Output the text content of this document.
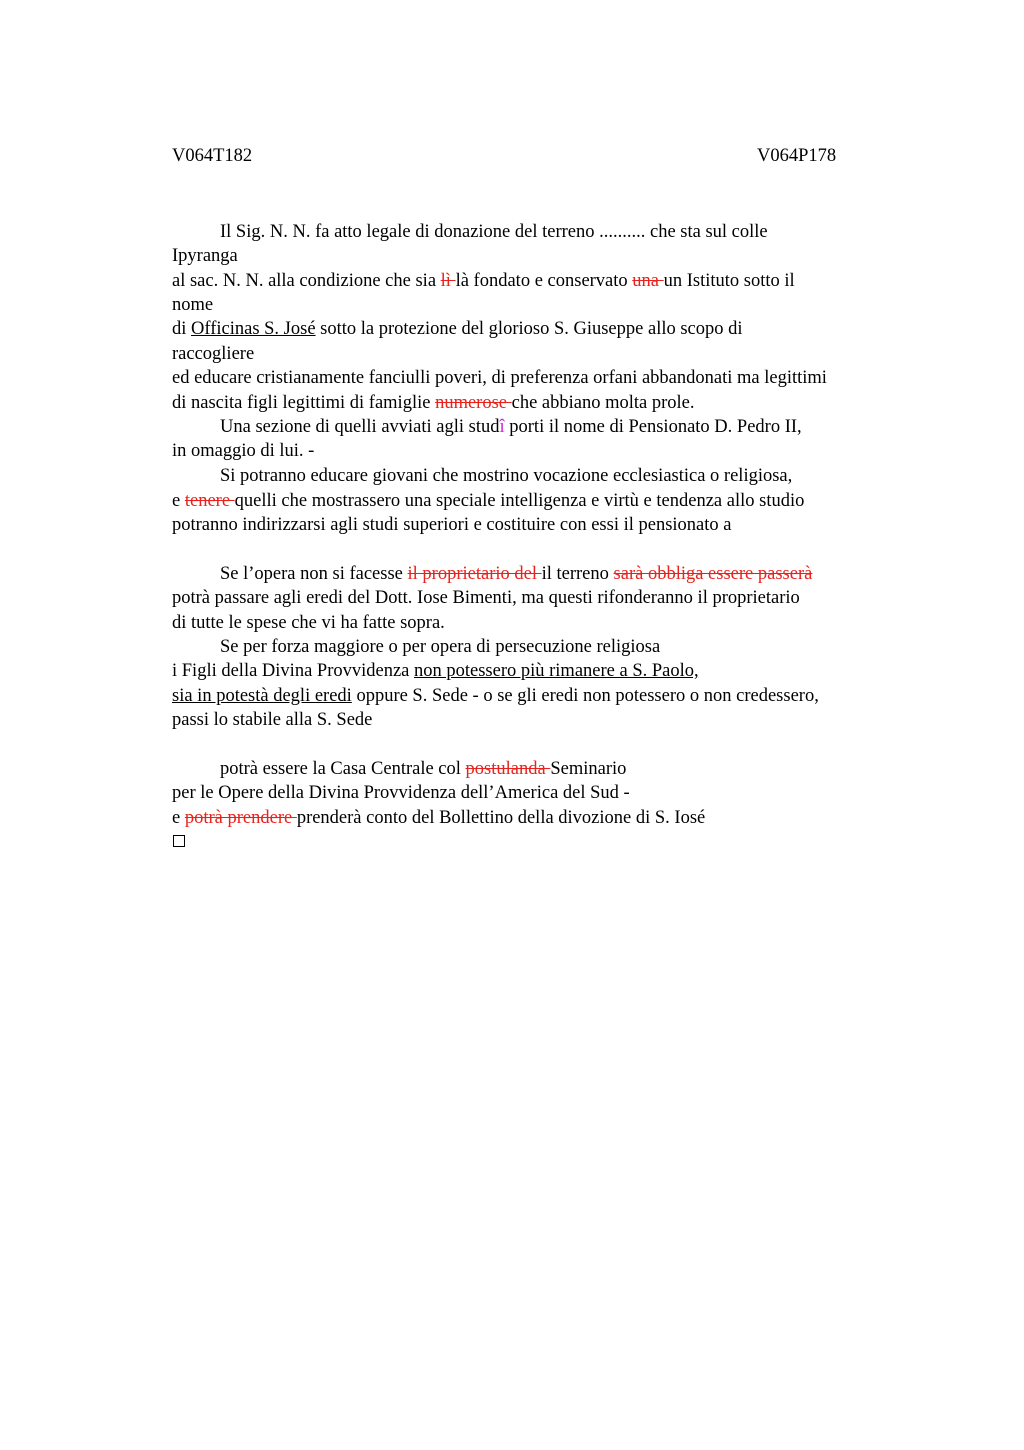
V064T182	V064P178
Il Sig. N. N. fa atto legale di donazione del terreno .......... che sta sul colle
Ipyranga
al sac. N. N. alla condizione che sia lì là fondato e conservato una un Istituto sotto il
nome
di Officinas S. José sotto la protezione del glorioso S. Giuseppe allo scopo di
raccogliere
ed educare cristianamente fanciulli poveri, di preferenza orfani abbandonati ma legittimi
di nascita figli legittimi di famiglie numerose che abbiano molta prole.
Una sezione di quelli avviati agli studî porti il nome di Pensionato D. Pedro II,
in omaggio di lui. -
Si potranno educare giovani che mostrino vocazione ecclesiastica o religiosa,
e tenere quelli che mostrassero una speciale intelligenza e virtù e tendenza allo studio
potranno indirizzarsi agli studi superiori e costituire con essi il pensionato a
Se l’opera non si facesse il proprietario del il terreno sarà obbliga essere passerà
potrà passare agli eredi del Dott. Iose Bimenti, ma questi rifonderanno il proprietario
di tutte le spese che vi ha fatte sopra.
Se per forza maggiore o per opera di persecuzione religiosa
i Figli della Divina Provvidenza non potessero più rimanere a S. Paolo,
sia in potestà degli eredi oppure S. Sede - o se gli eredi non potessero o non credessero,
passi lo stabile alla S. Sede
potrà essere la Casa Centrale col postulanda Seminario
per le Opere della Divina Provvidenza dell’America del Sud -
e potrà prendere prenderà conto del Bollettino della divozione di S. Iosé
